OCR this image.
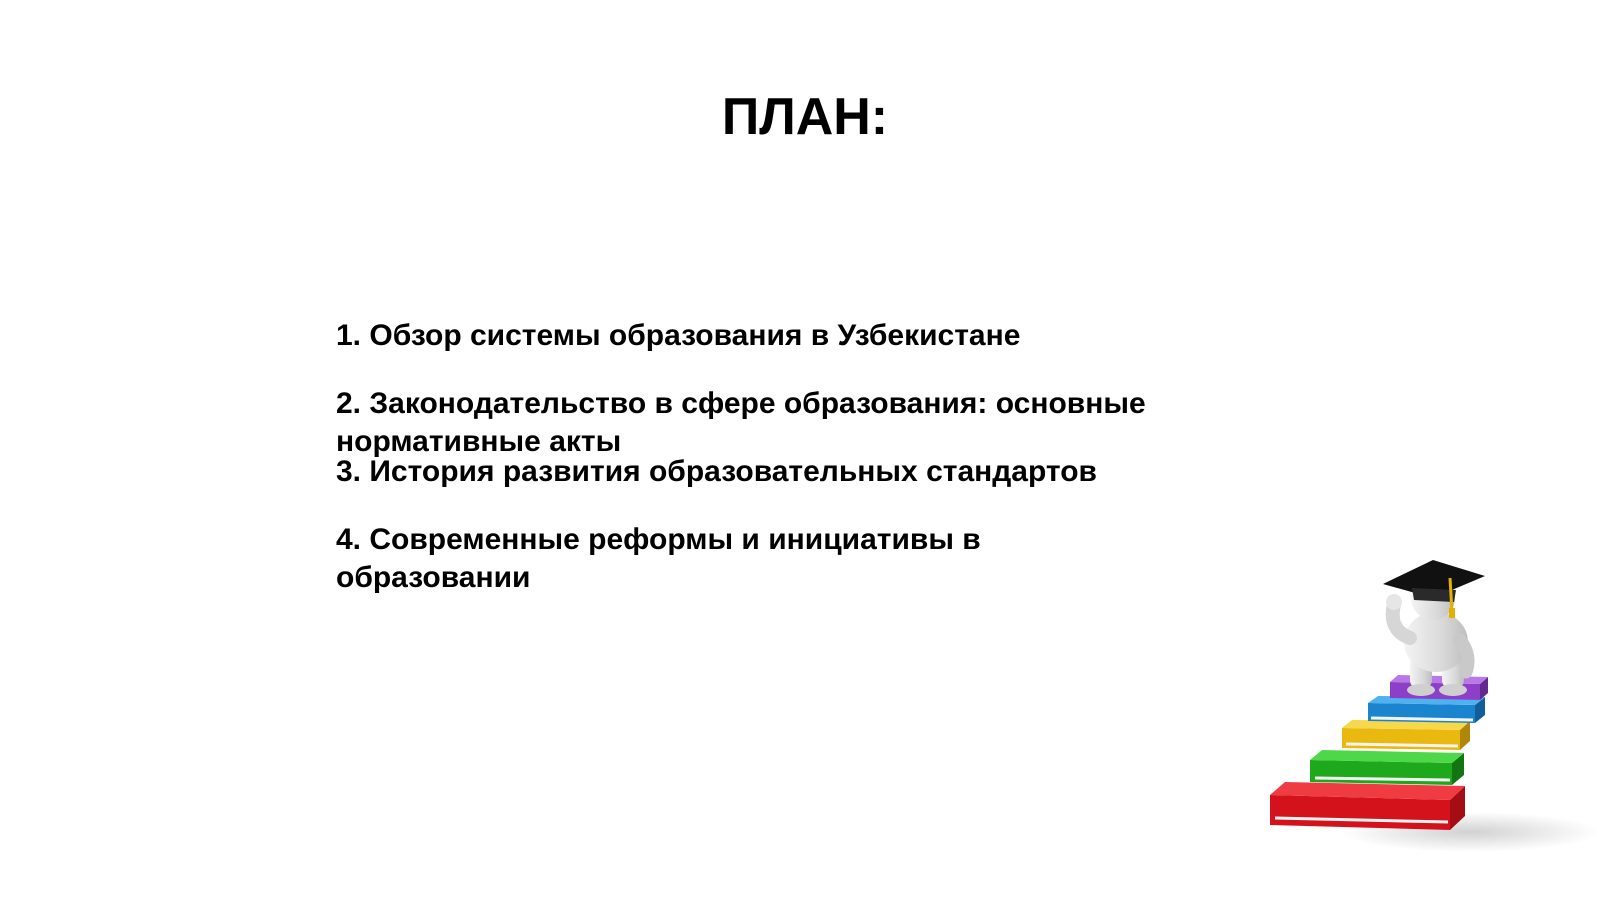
ПЛАН:
1. Обзор системы образования в Узбекистане
2. Законодательство в сфере образования: основные нормативные акты
3. История развития образовательных стандартов
4. Современные реформы и инициативы в образовании
